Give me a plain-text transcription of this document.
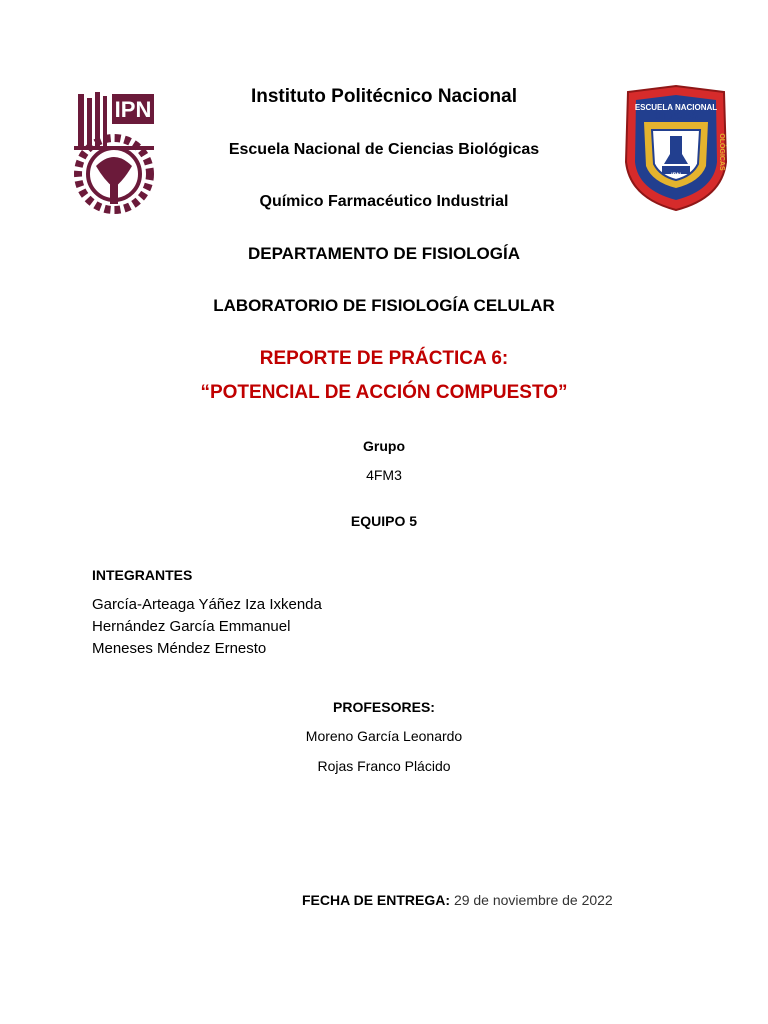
IPN	ESCUELA NACIONAL
CIENCIAS
IPN
OLÓGICAS
Instituto Politécnico Nacional
Escuela Nacional de Ciencias Biológicas
Químico Farmacéutico Industrial
DEPARTAMENTO DE FISIOLOGÍA
LABORATORIO DE FISIOLOGÍA CELULAR
REPORTE DE PRÁCTICA 6:
“POTENCIAL DE ACCIÓN COMPUESTO”
Grupo
4FM3
EQUIPO 5
INTEGRANTES
García-Arteaga Yáñez Iza Ixkenda
Hernández García Emmanuel
Meneses Méndez Ernesto
PROFESORES:
Moreno García Leonardo
Rojas Franco Plácido
FECHA DE ENTREGA: 29 de noviembre de 2022
